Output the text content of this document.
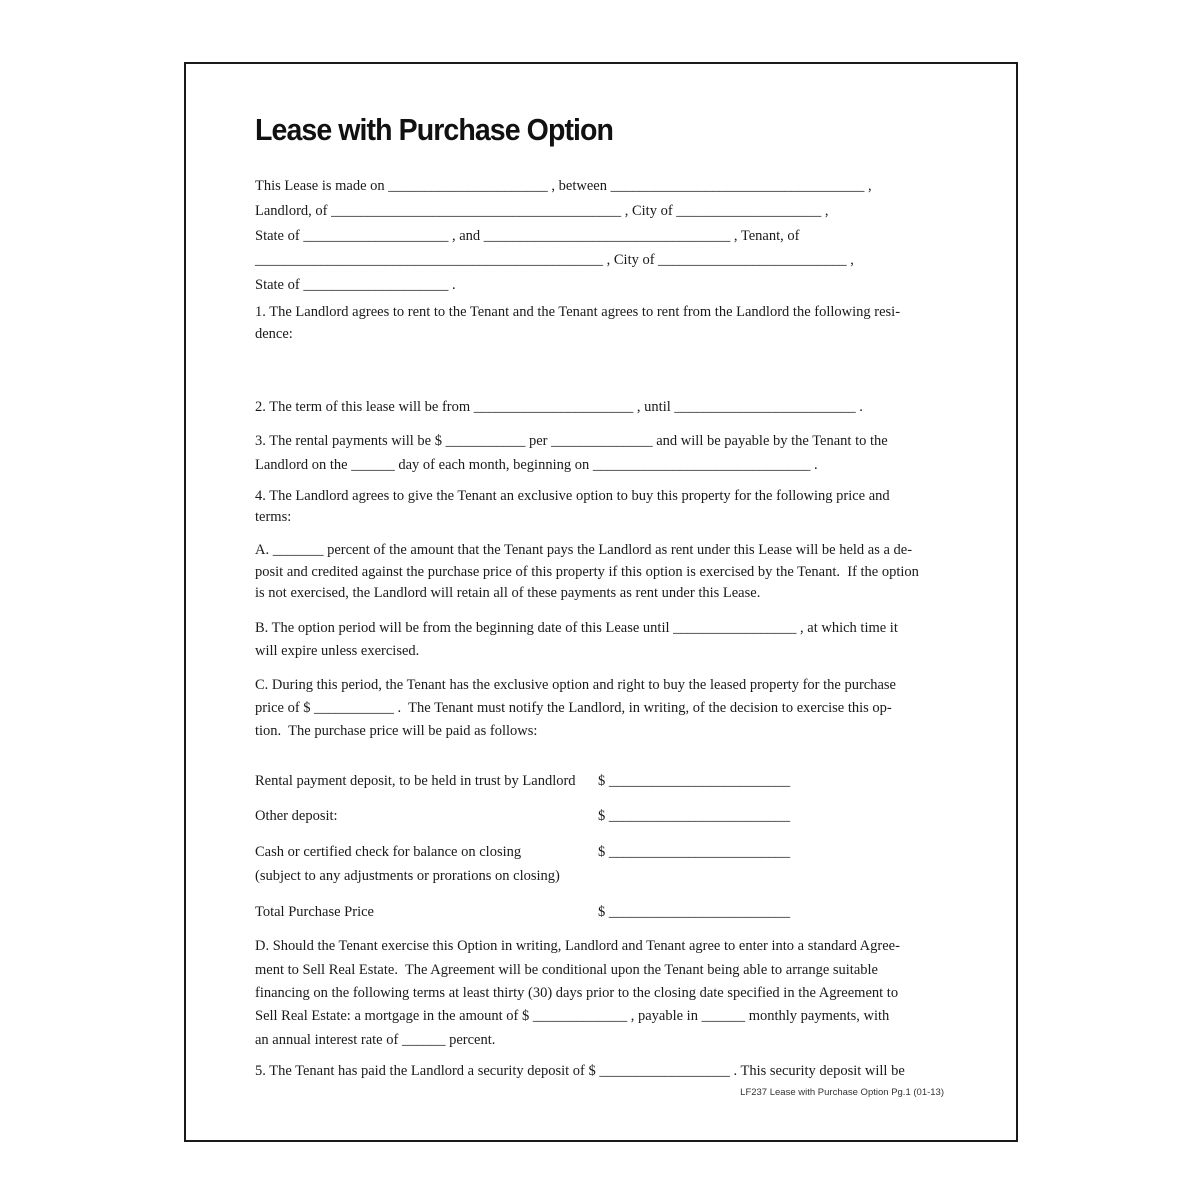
Lease with Purchase Option
This Lease is made on ______________________ , between ___________________________________ ,
Landlord, of ________________________________________ , City of ____________________ ,
State of ____________________ , and __________________________________ , Tenant, of
________________________________________________ , City of __________________________ ,
State of ____________________ .
1. The Landlord agrees to rent to the Tenant and the Tenant agrees to rent from the Landlord the following resi-
dence:
2. The term of this lease will be from ______________________ , until _________________________ .
3. The rental payments will be $ ___________ per ______________ and will be payable by the Tenant to the
Landlord on the ______ day of each month, beginning on ______________________________ .
4. The Landlord agrees to give the Tenant an exclusive option to buy this property for the following price and
terms:
A. _______ percent of the amount that the Tenant pays the Landlord as rent under this Lease will be held as a de-
posit and credited against the purchase price of this property if this option is exercised by the Tenant.  If the option
is not exercised, the Landlord will retain all of these payments as rent under this Lease.
B. The option period will be from the beginning date of this Lease until _________________ , at which time it
will expire unless exercised.
C. During this period, the Tenant has the exclusive option and right to buy the leased property for the purchase
price of $ ___________ .  The Tenant must notify the Landlord, in writing, of the decision to exercise this op-
tion.  The purchase price will be paid as follows:
Rental payment deposit, to be held in trust by Landlord $ _________________________
Other deposit:	$ _________________________
Cash or certified check for balance on closing	$ _________________________
(subject to any adjustments or prorations on closing)
Total Purchase Price	$ _________________________
D. Should the Tenant exercise this Option in writing, Landlord and Tenant agree to enter into a standard Agree-
ment to Sell Real Estate.  The Agreement will be conditional upon the Tenant being able to arrange suitable
financing on the following terms at least thirty (30) days prior to the closing date specified in the Agreement to
Sell Real Estate: a mortgage in the amount of $ _____________ , payable in ______ monthly payments, with
an annual interest rate of ______ percent.
5. The Tenant has paid the Landlord a security deposit of $ __________________ . This security deposit will be
LF237 Lease with Purchase Option Pg.1 (01-13)
